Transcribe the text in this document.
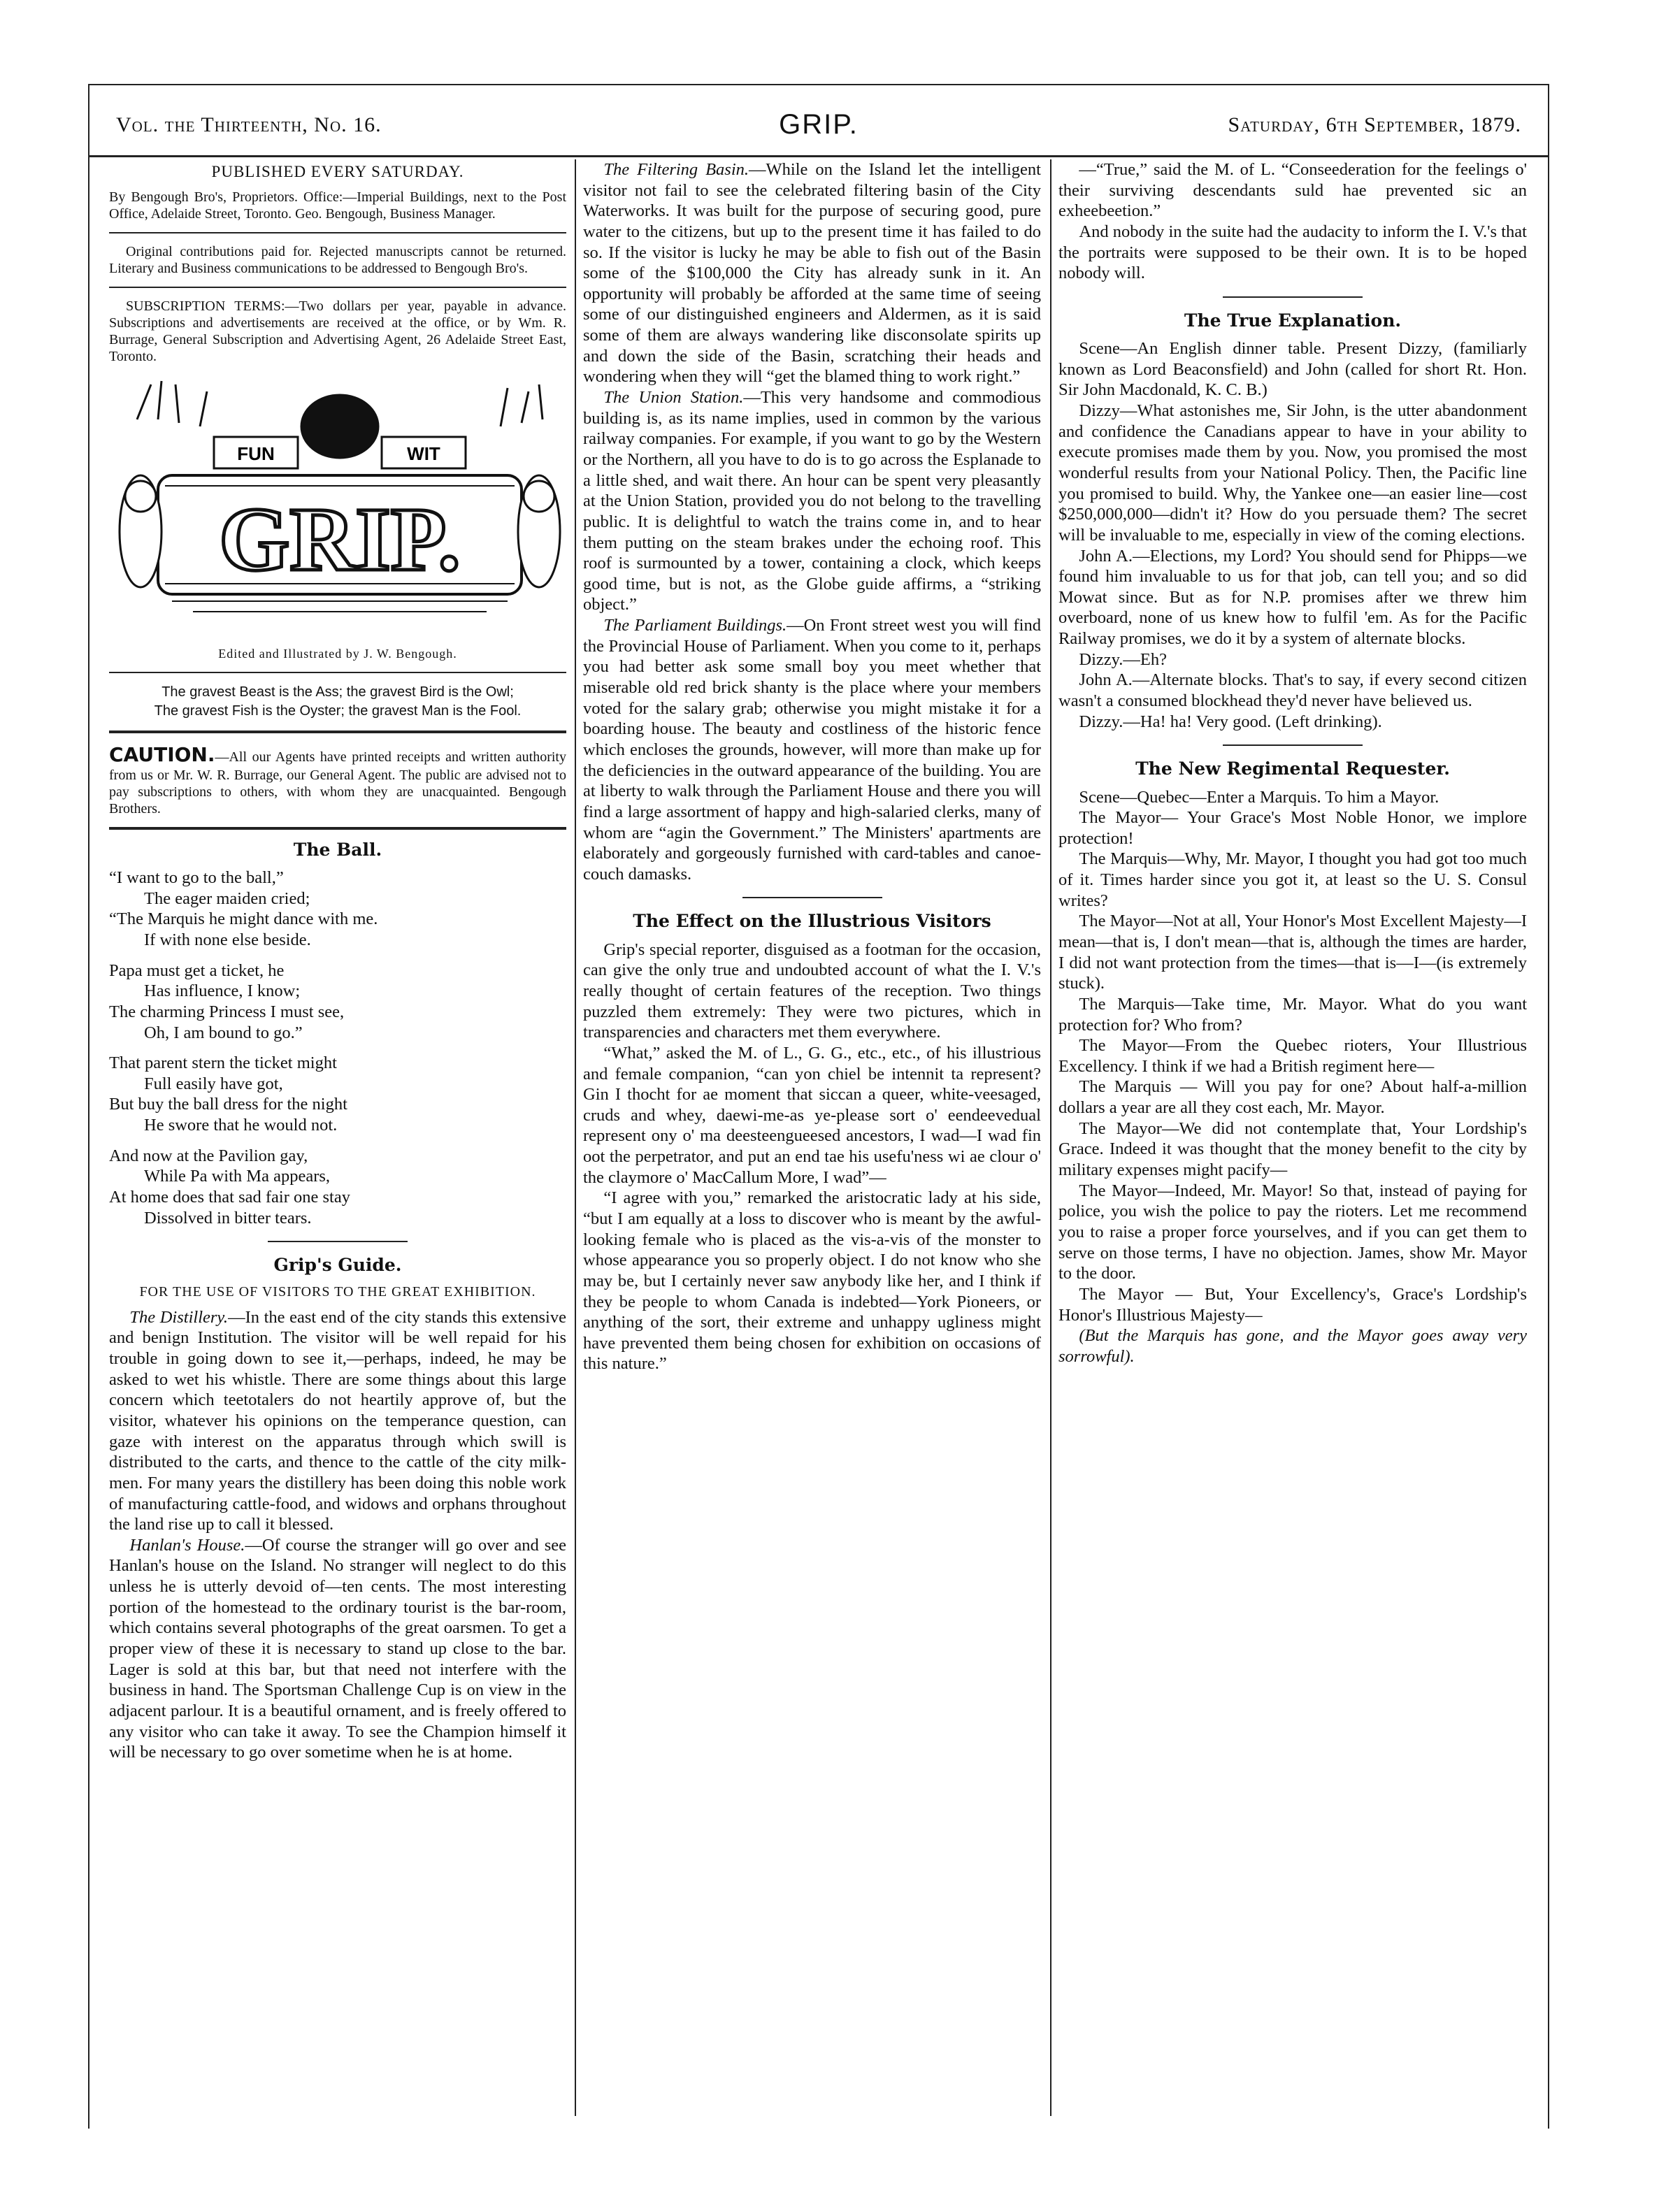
Vol. the Thirteenth, No. 16.	GRIP.	Saturday, 6th September, 1879.
PUBLISHED EVERY SATURDAY.

By Bengough Bro's, Proprietors. Office:—Imperial Buildings, next to the Post Office, Adelaide Street, Toronto. Geo. Bengough, Business Manager.

Original contributions paid for. Rejected manuscripts cannot be returned. Literary and Business communications to be addressed to Bengough Bro's.

SUBSCRIPTION TERMS:—Two dollars per year, payable in advance. Subscriptions and advertisements are received at the office, or by Wm. R. Burrage, General Subscription and Advertising Agent, 26 Adelaide Street East, Toronto.

FUN	WIT
GRIP.
Edited and Illustrated by J. W. Bengough.
The gravest Beast is the Ass; the gravest Bird is the Owl;
The gravest Fish is the Oyster; the gravest Man is the Fool.

CAUTION.—All our Agents have printed receipts and written authority from us or Mr. W. R. Burrage, our General Agent. The public are advised not to pay subscriptions to others, with whom they are unacquainted. Bengough Brothers.

The Ball.

“I want to go to the ball,”

The eager maiden cried;

“The Marquis he might dance with me.

If with none else beside.

Papa must get a ticket, he

Has influence, I know;

The charming Princess I must see,

Oh, I am bound to go.”

That parent stern the ticket might

Full easily have got,

But buy the ball dress for the night

He swore that he would not.

And now at the Pavilion gay,

While Pa with Ma appears,

At home does that sad fair one stay

Dissolved in bitter tears.

Grip's Guide.
FOR THE USE OF VISITORS TO THE GREAT EXHIBITION.

The Distillery.—In the east end of the city stands this extensive and benign Institution. The visitor will be well repaid for his trouble in going down to see it,—perhaps, indeed, he may be asked to wet his whistle. There are some things about this large concern which teetotalers do not heartily approve of, but the visitor, whatever his opinions on the temperance question, can gaze with interest on the apparatus through which swill is distributed to the carts, and thence to the cattle of the city milk-men. For many years the distillery has been doing this noble work of manufacturing cattle-food, and widows and orphans throughout the land rise up to call it blessed.

Hanlan's House.—Of course the stranger will go over and see Hanlan's house on the Island. No stranger will neglect to do this unless he is utterly devoid of—ten cents. The most interesting portion of the homestead to the ordinary tourist is the bar-room, which contains several photographs of the great oarsmen. To get a proper view of these it is necessary to stand up close to the bar. Lager is sold at this bar, but that need not interfere with the business in hand. The Sportsman Challenge Cup is on view in the adjacent parlour. It is a beautiful ornament, and is freely offered to any visitor who can take it away. To see the Champion himself it will be necessary to go over sometime when he is at home.

The Filtering Basin.—While on the Island let the intelligent visitor not fail to see the celebrated filtering basin of the City Waterworks. It was built for the purpose of securing good, pure water to the citizens, but up to the present time it has failed to do so. If the visitor is lucky he may be able to fish out of the Basin some of the $100,000 the City has already sunk in it. An opportunity will probably be afforded at the same time of seeing some of our distinguished engineers and Aldermen, as it is said some of them are always wandering like disconsolate spirits up and down the side of the Basin, scratching their heads and wondering when they will “get the blamed thing to work right.”

The Union Station.—This very handsome and commodious building is, as its name implies, used in common by the various railway companies. For example, if you want to go by the Western or the Northern, all you have to do is to go across the Esplanade to a little shed, and wait there. An hour can be spent very pleasantly at the Union Station, provided you do not belong to the travelling public. It is delightful to watch the trains come in, and to hear them putting on the steam brakes under the echoing roof. This roof is surmounted by a tower, containing a clock, which keeps good time, but is not, as the Globe guide affirms, a “striking object.”

The Parliament Buildings.—On Front street west you will find the Provincial House of Parliament. When you come to it, perhaps you had better ask some small boy you meet whether that miserable old red brick shanty is the place where your members voted for the salary grab; otherwise you might mistake it for a boarding house. The beauty and costliness of the historic fence which encloses the grounds, however, will more than make up for the deficiencies in the outward appearance of the building. You are at liberty to walk through the Parliament House and there you will find a large assortment of happy and high-salaried clerks, many of whom are “agin the Government.” The Ministers' apartments are elaborately and gorgeously furnished with card-tables and canoe-couch damasks.

The Effect on the Illustrious Visitors

Grip's special reporter, disguised as a footman for the occasion, can give the only true and undoubted account of what the I. V.'s really thought of certain features of the reception. Two things puzzled them extremely: They were two pictures, which in transparencies and characters met them everywhere.

“What,” asked the M. of L., G. G., etc., etc., of his illustrious and female companion, “can yon chiel be intennit ta represent? Gin I thocht for ae moment that siccan a queer, white-veesaged, cruds and whey, daewi-me-as ye-please sort o' eendeevedual represent ony o' ma deesteengueesed ancestors, I wad—I wad fin oot the perpetrator, and put an end tae his usefu'ness wi ae clour o' the claymore o' MacCallum More, I wad”—

“I agree with you,” remarked the aristocratic lady at his side, “but I am equally at a loss to discover who is meant by the awful-looking female who is placed as the vis-a-vis of the monster to whose appearance you so properly object. I do not know who she may be, but I certainly never saw anybody like her, and I think if they be people to whom Canada is indebted—York Pioneers, or anything of the sort, their extreme and unhappy ugliness might have prevented them being chosen for exhibition on occasions of this nature.”

—“True,” said the M. of L. “Conseederation for the feelings o' their surviving descendants suld hae prevented sic an exheebeetion.”

And nobody in the suite had the audacity to inform the I. V.'s that the portraits were supposed to be their own. It is to be hoped nobody will.

The True Explanation.

Scene—An English dinner table. Present Dizzy, (familiarly known as Lord Beaconsfield) and John (called for short Rt. Hon. Sir John Macdonald, K. C. B.)

Dizzy—What astonishes me, Sir John, is the utter abandonment and confidence the Canadians appear to have in your ability to execute promises made them by you. Now, you promised the most wonderful results from your National Policy. Then, the Pacific line you promised to build. Why, the Yankee one—an easier line—cost $250,000,000—didn't it? How do you persuade them? The secret will be invaluable to me, especially in view of the coming elections.

John A.—Elections, my Lord? You should send for Phipps—we found him invaluable to us for that job, can tell you; and so did Mowat since. But as for N.P. promises after we threw him overboard, none of us knew how to fulfil 'em. As for the Pacific Railway promises, we do it by a system of alternate blocks.

Dizzy.—Eh?

John A.—Alternate blocks. That's to say, if every second citizen wasn't a consumed blockhead they'd never have believed us.

Dizzy.—Ha! ha! Very good. (Left drinking).

The New Regimental Requester.

Scene—Quebec—Enter a Marquis. To him a Mayor.

The Mayor— Your Grace's Most Noble Honor, we implore protection!

The Marquis—Why, Mr. Mayor, I thought you had got too much of it. Times harder since you got it, at least so the U. S. Consul writes?

The Mayor—Not at all, Your Honor's Most Excellent Majesty—I mean—that is, I don't mean—that is, although the times are harder, I did not want protection from the times—that is—I—(is extremely stuck).

The Marquis—Take time, Mr. Mayor. What do you want protection for? Who from?

The Mayor—From the Quebec rioters, Your Illustrious Excellency. I think if we had a British regiment here—

The Marquis — Will you pay for one? About half-a-million dollars a year are all they cost each, Mr. Mayor.

The Mayor—We did not contemplate that, Your Lordship's Grace. Indeed it was thought that the money benefit to the city by military expenses might pacify—

The Mayor—Indeed, Mr. Mayor! So that, instead of paying for police, you wish the police to pay the rioters. Let me recommend you to raise a proper force yourselves, and if you can get them to serve on those terms, I have no objection. James, show Mr. Mayor to the door.

The Mayor — But, Your Excellency's, Grace's Lordship's Honor's Illustrious Majesty—

(But the Marquis has gone, and the Mayor goes away very sorrowful).
